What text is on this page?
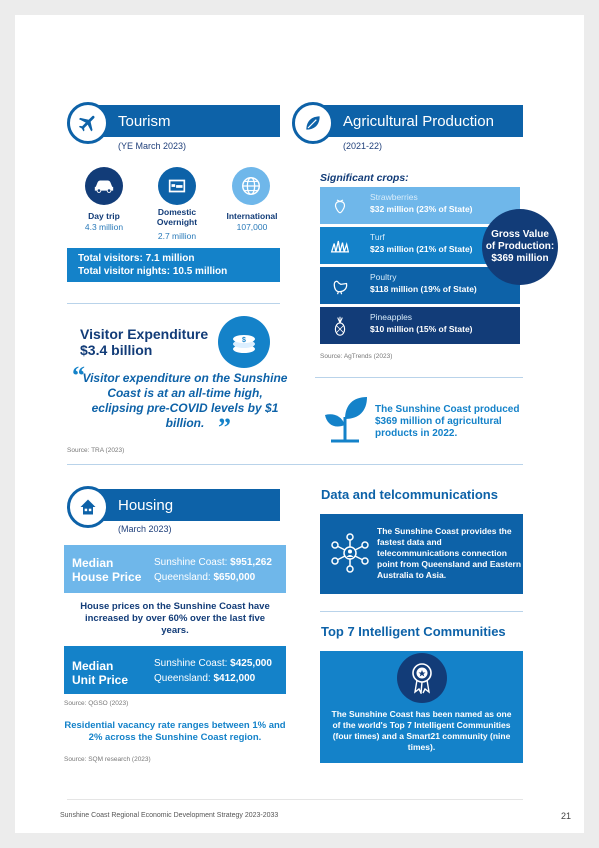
Tourism
(YE March 2023)
Day trip
4.3 million
Domestic Overnight
2.7 million
International
107,000
Total visitors: 7.1 million
Total visitor nights: 10.5 million
Visitor Expenditure
$3.4 billion
$
“
Visitor expenditure on the Sunshine Coast is at an all-time high, eclipsing pre-COVID levels by $1 billion. ”
Source: TRA (2023)
Agricultural Production
(2021-22)
Significant crops:
Strawberries
$32 million (23% of State)
Turf
$23 million (21% of State)
Poultry
$118 million (19% of State)
Pineapples
$10 million (15% of State)
Gross Value
of Production:
$369 million
Source: AgTrends (2023)
The Sunshine Coast produced $369 million of agricultural products in 2022.
Housing
(March 2023)
Median
House Price
Sunshine Coast: $951,262
Queensland: $650,000
House prices on the Sunshine Coast have increased by over 60% over the last five years.
Median
Unit Price
Sunshine Coast: $425,000
Queensland: $412,000
Source: QGSO (2023)
Residential vacancy rate ranges between 1% and 2% across the Sunshine Coast region.
Source: SQM research (2023)
Data and telcommunications
The Sunshine Coast provides the fastest data and telecommunications connection point from Queensland and Eastern Australia to Asia.
Top 7 Intelligent Communities
The Sunshine Coast has been named as one of the world's Top 7 Intelligent Communities (four times) and a Smart21 community (nine times).
Sunshine Coast Regional Economic Development Strategy 2023-2033	21
